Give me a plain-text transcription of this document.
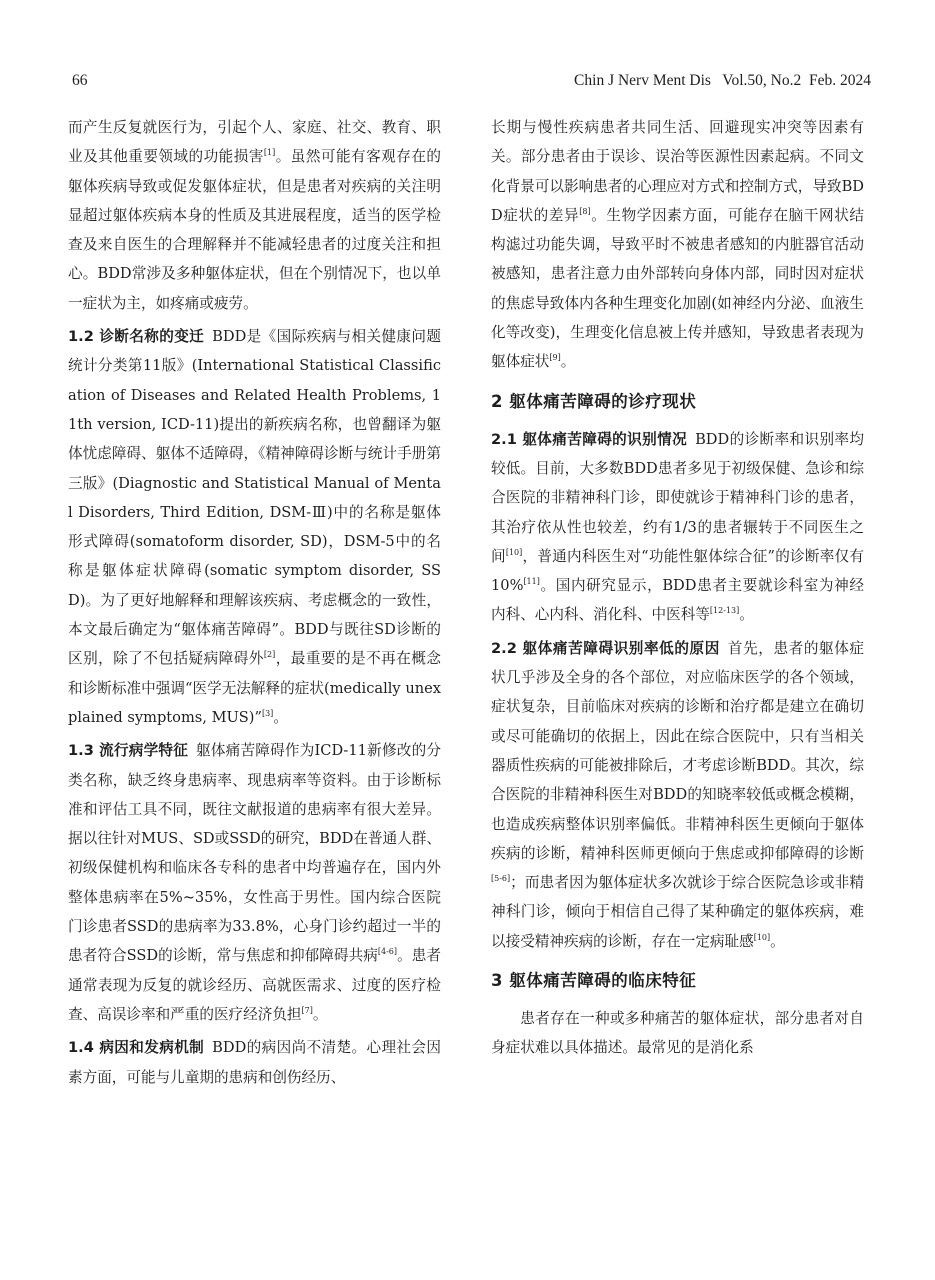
66	Chin J Nerv Ment Dis   Vol.50, No.2  Feb. 2024

而产生反复就医行为，引起个人、家庭、社交、教育、职业及其他重要领域的功能损害[1]。虽然可能有客观存在的躯体疾病导致或促发躯体症状，但是患者对疾病的关注明显超过躯体疾病本身的性质及其进展程度，适当的医学检查及来自医生的合理解释并不能减轻患者的过度关注和担心。BDD常涉及多种躯体症状，但在个别情况下，也以单一症状为主，如疼痛或疲劳。

1.2 诊断名称的变迁 BDD是《国际疾病与相关健康问题统计分类第11版》(International Statistical Classification of Diseases and Related Health Problems, 11th version, ICD-11)提出的新疾病名称，也曾翻译为躯体忧虑障碍、躯体不适障碍，《精神障碍诊断与统计手册第三版》(Diagnostic and Statistical Manual of Mental Disorders, Third Edition, DSM-Ⅲ)中的名称是躯体形式障碍(somatoform disorder, SD)，DSM-5中的名称是躯体症状障碍(somatic symptom disorder, SSD)。为了更好地解释和理解该疾病、考虑概念的一致性，本文最后确定为“躯体痛苦障碍”。BDD与既往SD诊断的区别，除了不包括疑病障碍外[2]，最重要的是不再在概念和诊断标准中强调“医学无法解释的症状(medically unexplained symptoms, MUS)”[3]。

1.3 流行病学特征 躯体痛苦障碍作为ICD-11新修改的分类名称，缺乏终身患病率、现患病率等资料。由于诊断标准和评估工具不同，既往文献报道的患病率有很大差异。据以往针对MUS、SD或SSD的研究，BDD在普通人群、初级保健机构和临床各专科的患者中均普遍存在，国内外整体患病率在5%~35%，女性高于男性。国内综合医院门诊患者SSD的患病率为33.8%，心身门诊约超过一半的患者符合SSD的诊断，常与焦虑和抑郁障碍共病[4-6]。患者通常表现为反复的就诊经历、高就医需求、过度的医疗检查、高误诊率和严重的医疗经济负担[7]。

1.4 病因和发病机制 BDD的病因尚不清楚。心理社会因素方面，可能与儿童期的患病和创伤经历、

长期与慢性疾病患者共同生活、回避现实冲突等因素有关。部分患者由于误诊、误治等医源性因素起病。不同文化背景可以影响患者的心理应对方式和控制方式，导致BDD症状的差异[8]。生物学因素方面，可能存在脑干网状结构滤过功能失调，导致平时不被患者感知的内脏器官活动被感知，患者注意力由外部转向身体内部，同时因对症状的焦虑导致体内各种生理变化加剧(如神经内分泌、血液生化等改变)，生理变化信息被上传并感知，导致患者表现为躯体症状[9]。

2 躯体痛苦障碍的诊疗现状

2.1 躯体痛苦障碍的识别情况 BDD的诊断率和识别率均较低。目前，大多数BDD患者多见于初级保健、急诊和综合医院的非精神科门诊，即使就诊于精神科门诊的患者，其治疗依从性也较差，约有1/3的患者辗转于不同医生之间[10]，普通内科医生对“功能性躯体综合征”的诊断率仅有10%[11]。国内研究显示，BDD患者主要就诊科室为神经内科、心内科、消化科、中医科等[12-13]。

2.2 躯体痛苦障碍识别率低的原因 首先，患者的躯体症状几乎涉及全身的各个部位，对应临床医学的各个领域，症状复杂，目前临床对疾病的诊断和治疗都是建立在确切或尽可能确切的依据上，因此在综合医院中，只有当相关器质性疾病的可能被排除后，才考虑诊断BDD。其次，综合医院的非精神科医生对BDD的知晓率较低或概念模糊，也造成疾病整体识别率偏低。非精神科医生更倾向于躯体疾病的诊断，精神科医师更倾向于焦虑或抑郁障碍的诊断[5-6]；而患者因为躯体症状多次就诊于综合医院急诊或非精神科门诊，倾向于相信自己得了某种确定的躯体疾病，难以接受精神疾病的诊断，存在一定病耻感[10]。

3 躯体痛苦障碍的临床特征

患者存在一种或多种痛苦的躯体症状，部分患者对自身症状难以具体描述。最常见的是消化系
